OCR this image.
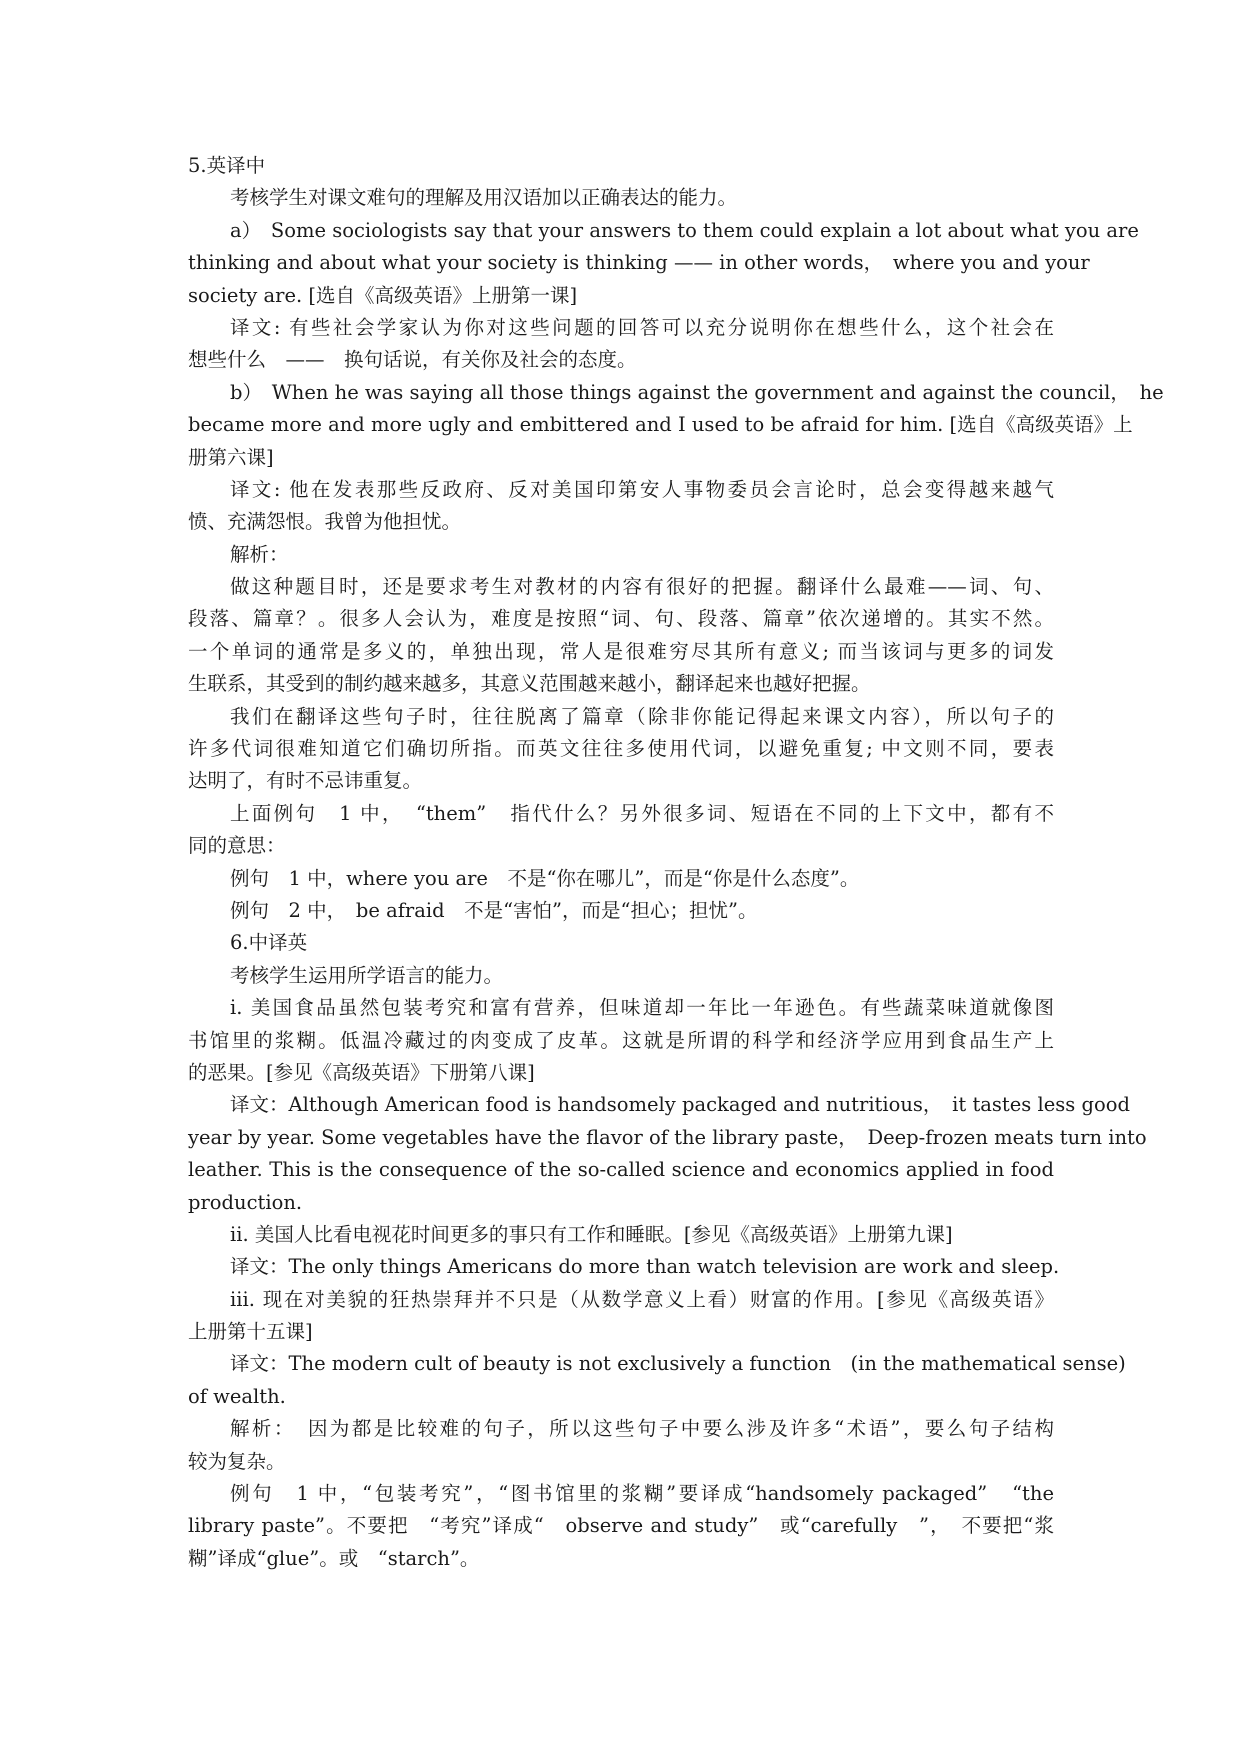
5.英译中

考核学生对课文难句的理解及用汉语加以正确表达的能力。

a）　Some sociologists say that your answers to them could explain a lot about what you are

thinking and about what your society is thinking —— in other words，　where you and your

society are. [选自《高级英语》上册第一课]

译文: 有些社会学家认为你对这些问题的回答可以充分说明你在想些什么，这个社会在

想些什么　——　换句话说，有关你及社会的态度。

b）　When he was saying all those things against the government and against the council，　he

became more and more ugly and embittered and I used to be afraid for him. [选自《高级英语》上

册第六课]

译文: 他在发表那些反政府、反对美国印第安人事物委员会言论时，总会变得越来越气

愤、充满怨恨。我曾为他担忧。

解析：

做这种题目时，还是要求考生对教材的内容有很好的把握。翻译什么最难——词、句、

段落、篇章？。很多人会认为，难度是按照“词、句、段落、篇章”依次递增的。其实不然。

一个单词的通常是多义的，单独出现，常人是很难穷尽其所有意义; 而当该词与更多的词发

生联系，其受到的制约越来越多，其意义范围越来越小，翻译起来也越好把握。

我们在翻译这些句子时，往往脱离了篇章（除非你能记得起来课文内容），所以句子的

许多代词很难知道它们确切所指。而英文往往多使用代词，以避免重复; 中文则不同，要表

达明了，有时不忌讳重复。

上面例句　1 中，　“them”　指代什么？另外很多词、短语在不同的上下文中，都有不

同的意思：

例句　1 中，where you are　不是“你在哪儿”，而是“你是什么态度”。

例句　2 中，　be afraid　不是“害怕”，而是“担心；担忧”。

6.中译英

考核学生运用所学语言的能力。

i. 美国食品虽然包装考究和富有营养，但味道却一年比一年逊色。有些蔬菜味道就像图

书馆里的浆糊。低温冷藏过的肉变成了皮革。这就是所谓的科学和经济学应用到食品生产上

的恶果。[参见《高级英语》下册第八课]

译文：Although American food is handsomely packaged and nutritious，　it tastes less good

year by year. Some vegetables have the flavor of the library paste，　Deep-frozen meats turn into

leather. This is the consequence of the so-called science and economics applied in food

production.

ii. 美国人比看电视花时间更多的事只有工作和睡眠。[参见《高级英语》上册第九课]

译文：The only things Americans do more than watch television are work and sleep.

iii. 现在对美貌的狂热崇拜并不只是（从数学意义上看）财富的作用。[参见《高级英语》

上册第十五课]

译文：The modern cult of beauty is not exclusively a function　(in the mathematical sense)

of wealth.

解析：　因为都是比较难的句子，所以这些句子中要么涉及许多“术语”，要么句子结构

较为复杂。

例句　1 中，“包装考究”，“图书馆里的浆糊”要译成“handsomely packaged”　“the

library paste”。不要把　“考究”译成“　observe and study”　或“carefully　”，　不要把“浆

糊”译成“glue”。或　“starch”。
